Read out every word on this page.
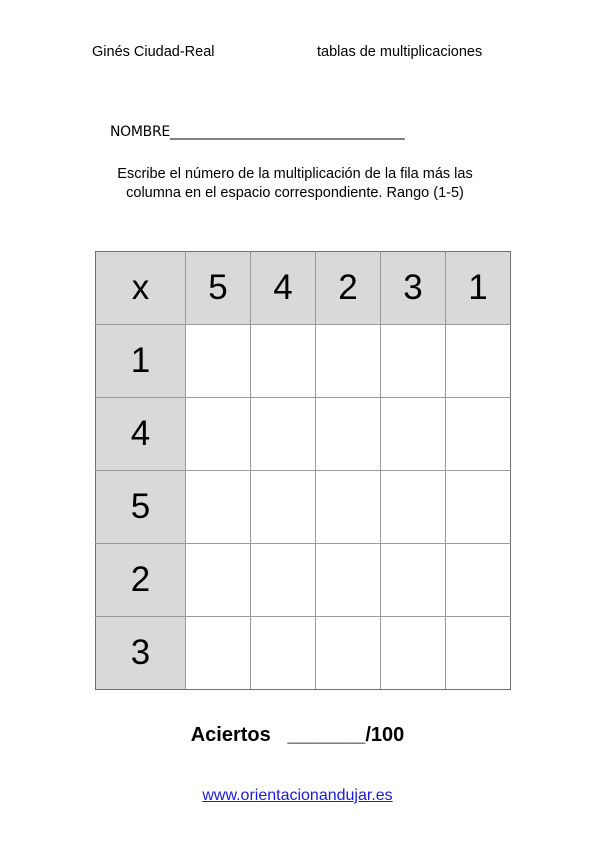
Ginés Ciudad-Real	tablas de multiplicaciones
NOMBRE___________________________________
Escribe el número de la multiplicación de la fila más las
columna en el espacio correspondiente. Rango (1-5)
x	5	4	2	3	1
1					
4					
5					
2					
3					
Aciertos _______/100
www.orientacionandujar.es
